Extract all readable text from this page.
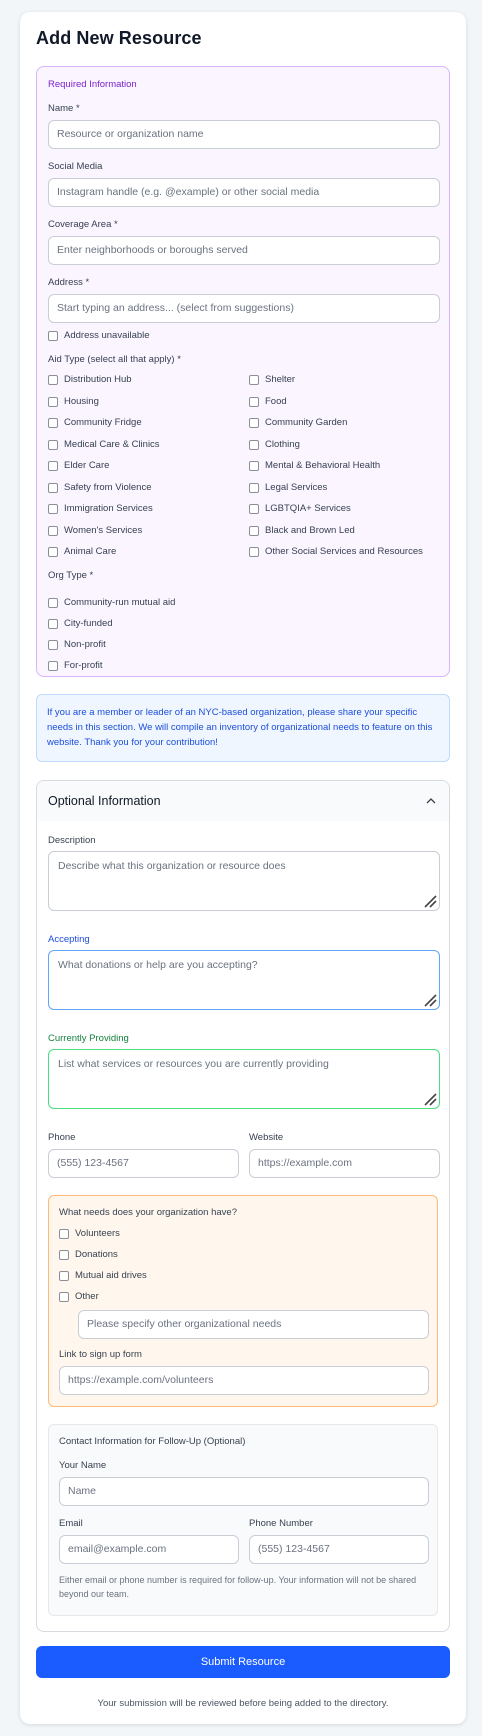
Add New Resource
Required Information
Name *
Resource or organization name
Social Media
Instagram handle (e.g. @example) or other social media
Coverage Area *
Enter neighborhoods or boroughs served
Address *
Start typing an address... (select from suggestions)
Address unavailable
Aid Type (select all that apply) *
Org Type *
Distribution Hub
Housing
Community Fridge
Medical Care & Clinics
Elder Care
Safety from Violence
Immigration Services
Women's Services
Animal Care
Shelter
Food
Community Garden
Clothing
Mental & Behavioral Health
Legal Services
LGBTQIA+ Services
Black and Brown Led
Other Social Services and Resources
Community-run mutual aid
City-funded
Non-profit
For-profit
If you are a member or leader of an NYC-based organization, please share your specific needs in this section. We will compile an inventory of organizational needs to feature on this website. Thank you for your contribution!
Optional Information
Description
Describe what this organization or resource does
Accepting
What donations or help are you accepting?
Currently Providing
List what services or resources you are currently providing
Phone
(555) 123-4567
Website
https://example.com
What needs does your organization have?
Please specify other organizational needs
Link to sign up form
https://example.com/volunteers
Volunteers
Donations
Mutual aid drives
Other
Contact Information for Follow-Up (Optional)
Your Name
Name
Email
email@example.com
Phone Number
(555) 123-4567
Either email or phone number is required for follow-up. Your information will not be shared beyond our team.
Submit Resource
Your submission will be reviewed before being added to the directory.
